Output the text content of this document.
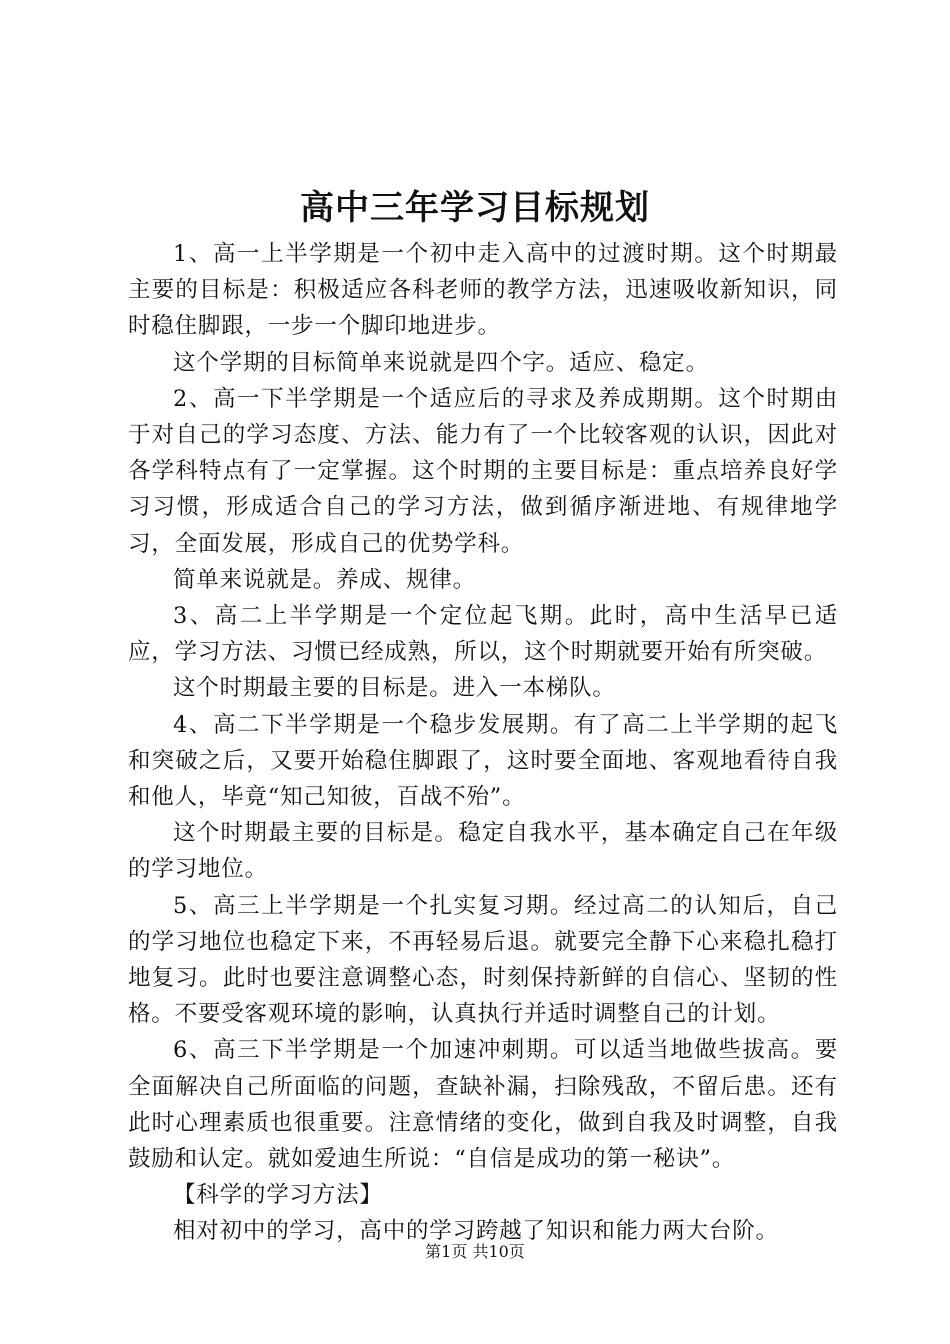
高中三年学习目标规划

1、高一上半学期是一个初中走入高中的过渡时期。这个时期最主要的目标是：积极适应各科老师的教学方法，迅速吸收新知识，同时稳住脚跟，一步一个脚印地进步。

这个学期的目标简单来说就是四个字。适应、稳定。

2、高一下半学期是一个适应后的寻求及养成期期。这个时期由于对自己的学习态度、方法、能力有了一个比较客观的认识，因此对各学科特点有了一定掌握。这个时期的主要目标是：重点培养良好学习习惯，形成适合自己的学习方法，做到循序渐进地、有规律地学习，全面发展，形成自己的优势学科。

简单来说就是。养成、规律。

3、高二上半学期是一个定位起飞期。此时，高中生活早已适应，学习方法、习惯已经成熟，所以，这个时期就要开始有所突破。

这个时期最主要的目标是。进入一本梯队。

4、高二下半学期是一个稳步发展期。有了高二上半学期的起飞和突破之后，又要开始稳住脚跟了，这时要全面地、客观地看待自我和他人，毕竟“知己知彼，百战不殆”。

这个时期最主要的目标是。稳定自我水平，基本确定自己在年级的学习地位。

5、高三上半学期是一个扎实复习期。经过高二的认知后，自己的学习地位也稳定下来，不再轻易后退。就要完全静下心来稳扎稳打地复习。此时也要注意调整心态，时刻保持新鲜的自信心、坚韧的性格。不要受客观环境的影响，认真执行并适时调整自己的计划。

6、高三下半学期是一个加速冲刺期。可以适当地做些拔高。要全面解决自己所面临的问题，查缺补漏，扫除残敌，不留后患。还有此时心理素质也很重要。注意情绪的变化，做到自我及时调整，自我鼓励和认定。就如爱迪生所说：“自信是成功的第一秘诀”。

【科学的学习方法】

相对初中的学习，高中的学习跨越了知识和能力两大台阶。

第1页 共10页
